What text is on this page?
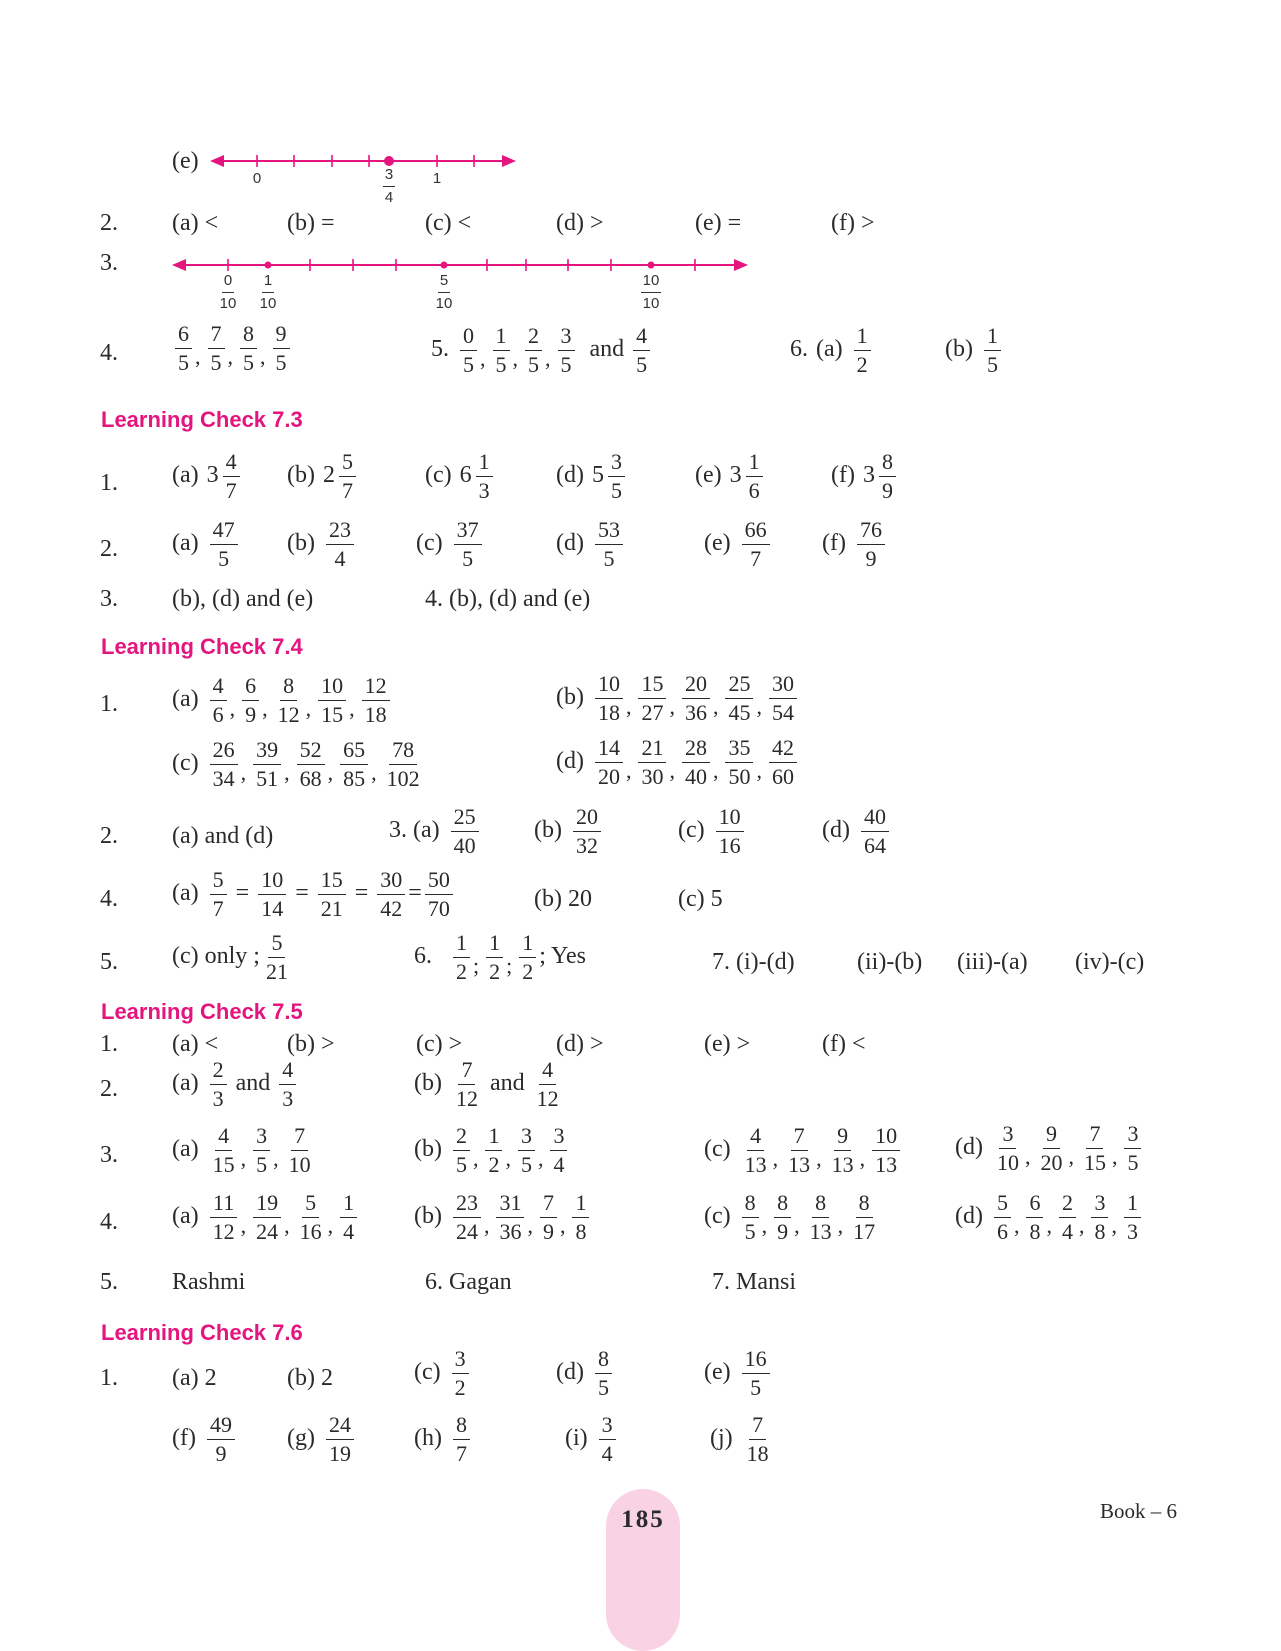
(e)
0	1
3
4
2. (a) <	(b) =	(c) <	(d) >	(e) =	(f) >
3.
0
10
1
10
5
10
10
10
4.	$\frac{6}{5}$ , $\frac{7}{5}$ , $\frac{8}{5}$ , $\frac{9}{5}$	5. $\frac{0}{5}$ , $\frac{1}{5}$ , $\frac{2}{5}$ , $\frac{3}{5}$ and $\frac{4}{5}$	6. $(a) \frac{1}{2}$	$(b) \frac{1}{5}$
Learning Check 7.3
1. (a) $3 \frac{4}{7} (b)$ $2 \frac{5}{7}$	(c) $6 \frac{1}{3}$	(d) $5 \frac{3}{5}$	(e) $3 \frac{1}{6}$	(f) $3 \frac{8}{9}$
2. $(a) \frac{47}{5} (b) \frac{23}{4}$	$(c) \frac{37}{5}$	$(d) \frac{53}{5}$	$(e) \frac{66}{7} (f) \frac{76}{9}$
3. (b), (d) and (e)	4. (b), (d) and (e)
Learning Check 7.4
1. $(a) \frac{4}{6}$ , $\frac{6}{9}$ , $\frac{8}{12}$ , $\frac{10}{15}$ , $\frac{12}{18}$	$(b) \frac{10}{18}$ , $\frac{15}{27}$ , $\frac{20}{36}$ , $\frac{25}{45}$ , $\frac{30}{54}$
$(c) \frac{26}{34}$ , $\frac{39}{51}$ , $\frac{52}{68}$ , $\frac{65}{85}$ , $\frac{78}{102}$	$(d) \frac{14}{20}$ , $\frac{21}{30}$ , $\frac{28}{40}$ , $\frac{35}{50}$ , $\frac{42}{60}$
2. (a) and (d)	3. $(a) \frac{25}{40} (b) \frac{20}{32}$	$(c) \frac{10}{16}$	$(d) \frac{40}{64}$
4. $(a) \frac{5}{7} = \frac{10}{14} = \frac{15}{21} = \frac{30}{42} = \frac{50}{70}$	(b) 20	(c) 5
5. (c) only ; $\frac{5}{21}$	6. $\frac{1}{2}$ ; $\frac{1}{2}$ ; $\frac{1}{2}$ ; Yes	7. (i)-(d)	(ii)-(b) (iii)-(a) (iv)-(c)
Learning Check 7.5
1. (a) <	(b) >	(c) >	(d) >	(e) >	(f) <
2. $(a) \frac{2}{3}$ and $\frac{4}{3}$	$(b) \frac{7}{12}$ and $\frac{4}{12}$
3. $(a) \frac{4}{15}$ , $\frac{3}{5}$ , $\frac{7}{10}$	$(b) \frac{2}{5}$ , $\frac{1}{2}$ , $\frac{3}{5}$ , $\frac{3}{4}$	$(c) \frac{4}{13}$ , $\frac{7}{13}$ , $\frac{9}{13}$ , $\frac{10}{13} (d) \frac{3}{10}$ , $\frac{9}{20}$ , $\frac{7}{15}$ , $\frac{3}{5}$
4. $(a) \frac{11}{12}$ , $\frac{19}{24}$ , $\frac{5}{16}$ , $\frac{1}{4} (b) \frac{23}{24}$ , $\frac{31}{36}$ , $\frac{7}{9}$ , $\frac{1}{8}$	$(c) \frac{8}{5}$ , $\frac{8}{9}$ , $\frac{8}{13}$ , $\frac{8}{17}$	$(d) \frac{5}{6}$ , $\frac{6}{8}$ , $\frac{2}{4}$ , $\frac{3}{8}$ , $\frac{1}{3}$
5. Rashmi	6. Gagan	7. Mansi
Learning Check 7.6
1. (a) 2	(b) 2	$(c) \frac{3}{2}$	$(d) \frac{8}{5}$	$(e) \frac{16}{5}$
$(f) \frac{49}{9} (g) \frac{24}{19}$	$(h) \frac{8}{7}$	$(i) \frac{3}{4}$	$(j) \frac{7}{18}$
185	Book – 6
